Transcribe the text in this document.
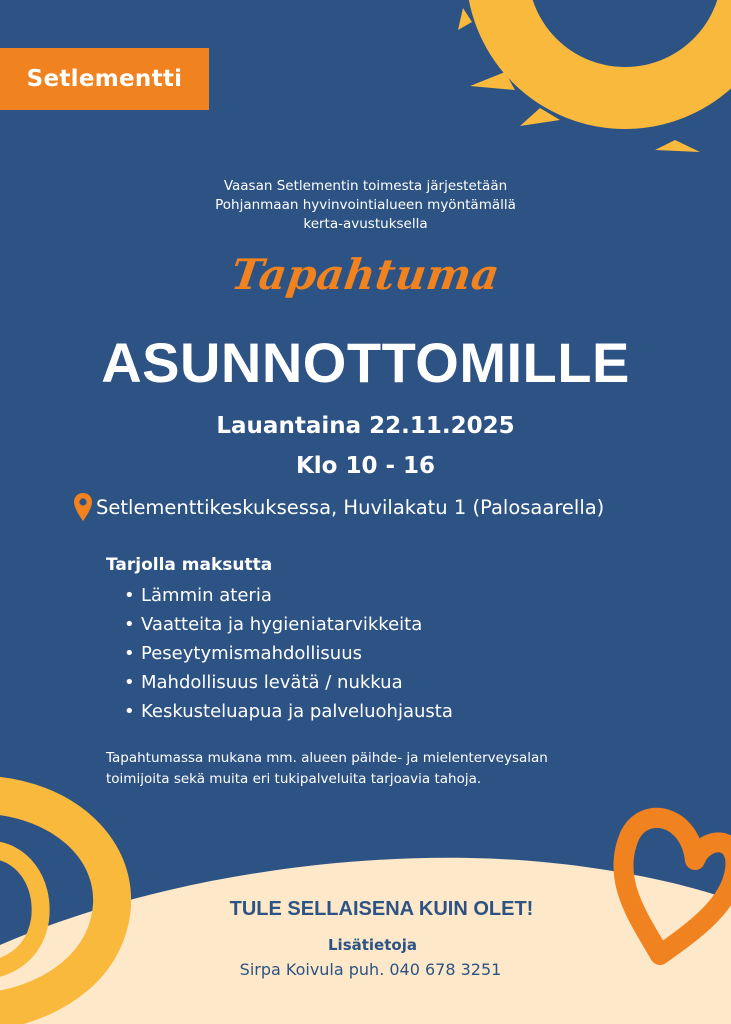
Setlementti
Vaasan Setlementin toimesta järjestetään
Pohjanmaan hyvinvointialueen myöntämällä
kerta-avustuksella
Tapahtuma
ASUNNOTTOMILLE
Lauantaina 22.11.2025
Klo 10 - 16
Setlementtikeskuksessa, Huvilakatu 1 (Palosaarella)
Tarjolla maksutta
• Lämmin ateria
• Vaatteita ja hygieniatarvikkeita
• Peseytymismahdollisuus
• Mahdollisuus levätä / nukkua
• Keskusteluapua ja palveluohjausta
Tapahtumassa mukana mm. alueen päihde- ja mielenterveysalan
toimijoita sekä muita eri tukipalveluita tarjoavia tahoja.
TULE SELLAISENA KUIN OLET!
Lisätietoja
Sirpa Koivula puh. 040 678 3251
